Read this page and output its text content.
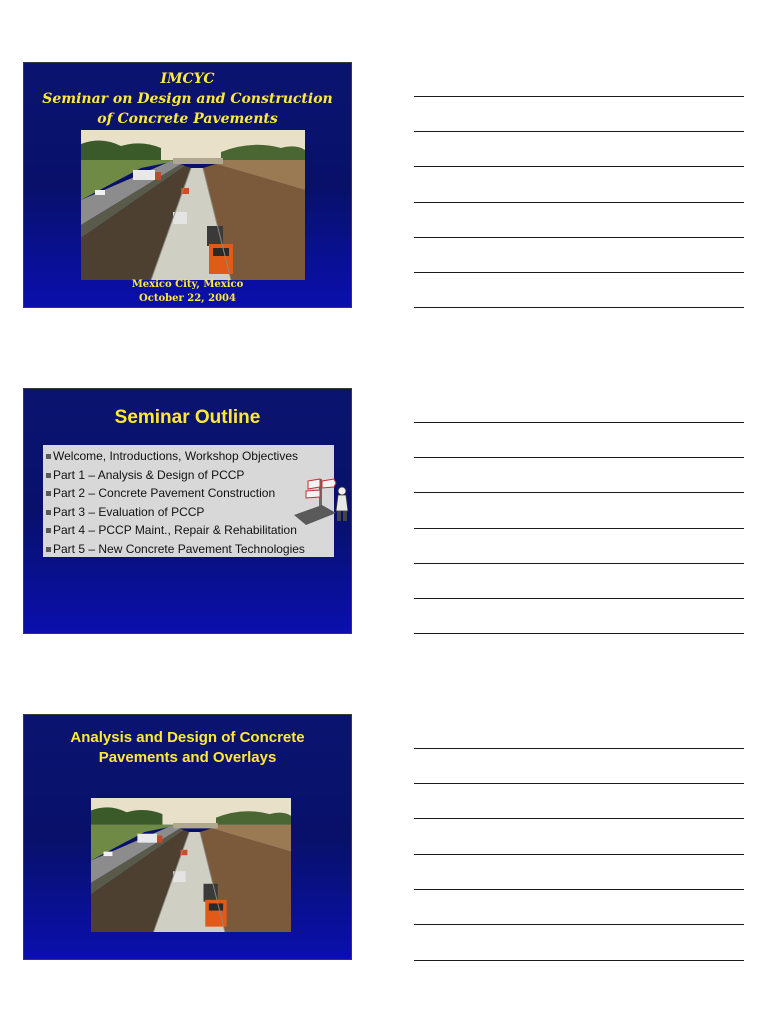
IMCYC
Seminar on Design and Construction
of Concrete Pavements
Mexico City, Mexico
October 22, 2004
Seminar Outline
Welcome, Introductions, Workshop Objectives
Part 1 – Analysis & Design of PCCP
Part 2 – Concrete Pavement Construction
Part 3 – Evaluation of PCCP
Part 4 – PCCP Maint., Repair & Rehabilitation
Part 5 – New Concrete Pavement Technologies
Analysis and Design of Concrete
Pavements and Overlays
